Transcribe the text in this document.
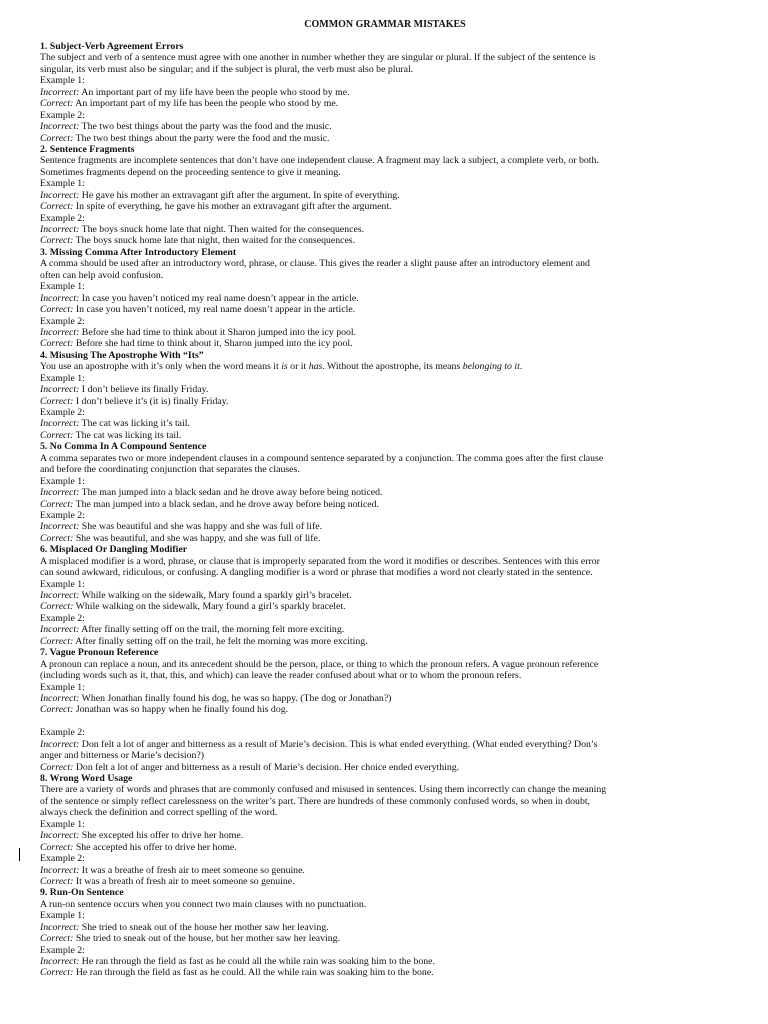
COMMON GRAMMAR MISTAKES
1. Subject-Verb Agreement Errors
The subject and verb of a sentence must agree with one another in number whether they are singular or plural. If the subject of the sentence is
singular, its verb must also be singular; and if the subject is plural, the verb must also be plural.
Example 1:
Incorrect: An important part of my life have been the people who stood by me.
Correct: An important part of my life has been the people who stood by me.
Example 2:
Incorrect: The two best things about the party was the food and the music.
Correct: The two best things about the party were the food and the music.
2. Sentence Fragments
Sentence fragments are incomplete sentences that don’t have one independent clause. A fragment may lack a subject, a complete verb, or both.
Sometimes fragments depend on the proceeding sentence to give it meaning.
Example 1:
Incorrect: He gave his mother an extravagant gift after the argument. In spite of everything.
Correct: In spite of everything, he gave his mother an extravagant gift after the argument.
Example 2:
Incorrect: The boys snuck home late that night. Then waited for the consequences.
Correct: The boys snuck home late that night, then waited for the consequences.
3. Missing Comma After Introductory Element
A comma should be used after an introductory word, phrase, or clause. This gives the reader a slight pause after an introductory element and
often can help avoid confusion.
Example 1:
Incorrect: In case you haven’t noticed my real name doesn’t appear in the article.
Correct: In case you haven’t noticed, my real name doesn’t appear in the article.
Example 2:
Incorrect: Before she had time to think about it Sharon jumped into the icy pool.
Correct: Before she had time to think about it, Sharon jumped into the icy pool.
4. Misusing The Apostrophe With “Its”
You use an apostrophe with it’s only when the word means it is or it has. Without the apostrophe, its means belonging to it.
Example 1:
Incorrect: I don’t believe its finally Friday.
Correct: I don’t believe it’s (it is) finally Friday.
Example 2:
Incorrect: The cat was licking it’s tail.
Correct: The cat was licking its tail.
5. No Comma In A Compound Sentence
A comma separates two or more independent clauses in a compound sentence separated by a conjunction. The comma goes after the first clause
and before the coordinating conjunction that separates the clauses.
Example 1:
Incorrect: The man jumped into a black sedan and he drove away before being noticed.
Correct: The man jumped into a black sedan, and he drove away before being noticed.
Example 2:
Incorrect: She was beautiful and she was happy and she was full of life.
Correct: She was beautiful, and she was happy, and she was full of life.
6. Misplaced Or Dangling Modifier
A misplaced modifier is a word, phrase, or clause that is improperly separated from the word it modifies or describes. Sentences with this error
can sound awkward, ridiculous, or confusing. A dangling modifier is a word or phrase that modifies a word not clearly stated in the sentence.
Example 1:
Incorrect: While walking on the sidewalk, Mary found a sparkly girl’s bracelet.
Correct: While walking on the sidewalk, Mary found a girl’s sparkly bracelet.
Example 2:
Incorrect: After finally setting off on the trail, the morning felt more exciting.
Correct: After finally setting off on the trail, he felt the morning was more exciting.
7. Vague Pronoun Reference
A pronoun can replace a noun, and its antecedent should be the person, place, or thing to which the pronoun refers. A vague pronoun reference
(including words such as it, that, this, and which) can leave the reader confused about what or to whom the pronoun refers.
Example 1:
Incorrect: When Jonathan finally found his dog, he was so happy. (The dog or Jonathan?)
Correct: Jonathan was so happy when he finally found his dog.
Example 2:
Incorrect: Don felt a lot of anger and bitterness as a result of Marie’s decision. This is what ended everything. (What ended everything? Don’s
anger and bitterness or Marie’s decision?)
Correct: Don felt a lot of anger and bitterness as a result of Marie’s decision. Her choice ended everything.
8. Wrong Word Usage
There are a variety of words and phrases that are commonly confused and misused in sentences. Using them incorrectly can change the meaning
of the sentence or simply reflect carelessness on the writer’s part. There are hundreds of these commonly confused words, so when in doubt,
always check the definition and correct spelling of the word.
Example 1:
Incorrect: She excepted his offer to drive her home.
Correct: She accepted his offer to drive her home.
Example 2:
Incorrect: It was a breathe of fresh air to meet someone so genuine.
Correct: It was a breath of fresh air to meet someone so genuine.
9. Run-On Sentence
A run-on sentence occurs when you connect two main clauses with no punctuation.
Example 1:
Incorrect: She tried to sneak out of the house her mother saw her leaving.
Correct: She tried to sneak out of the house, but her mother saw her leaving.
Example 2:
Incorrect: He ran through the field as fast as he could all the while rain was soaking him to the bone.
Correct: He ran through the field as fast as he could. All the while rain was soaking him to the bone.
